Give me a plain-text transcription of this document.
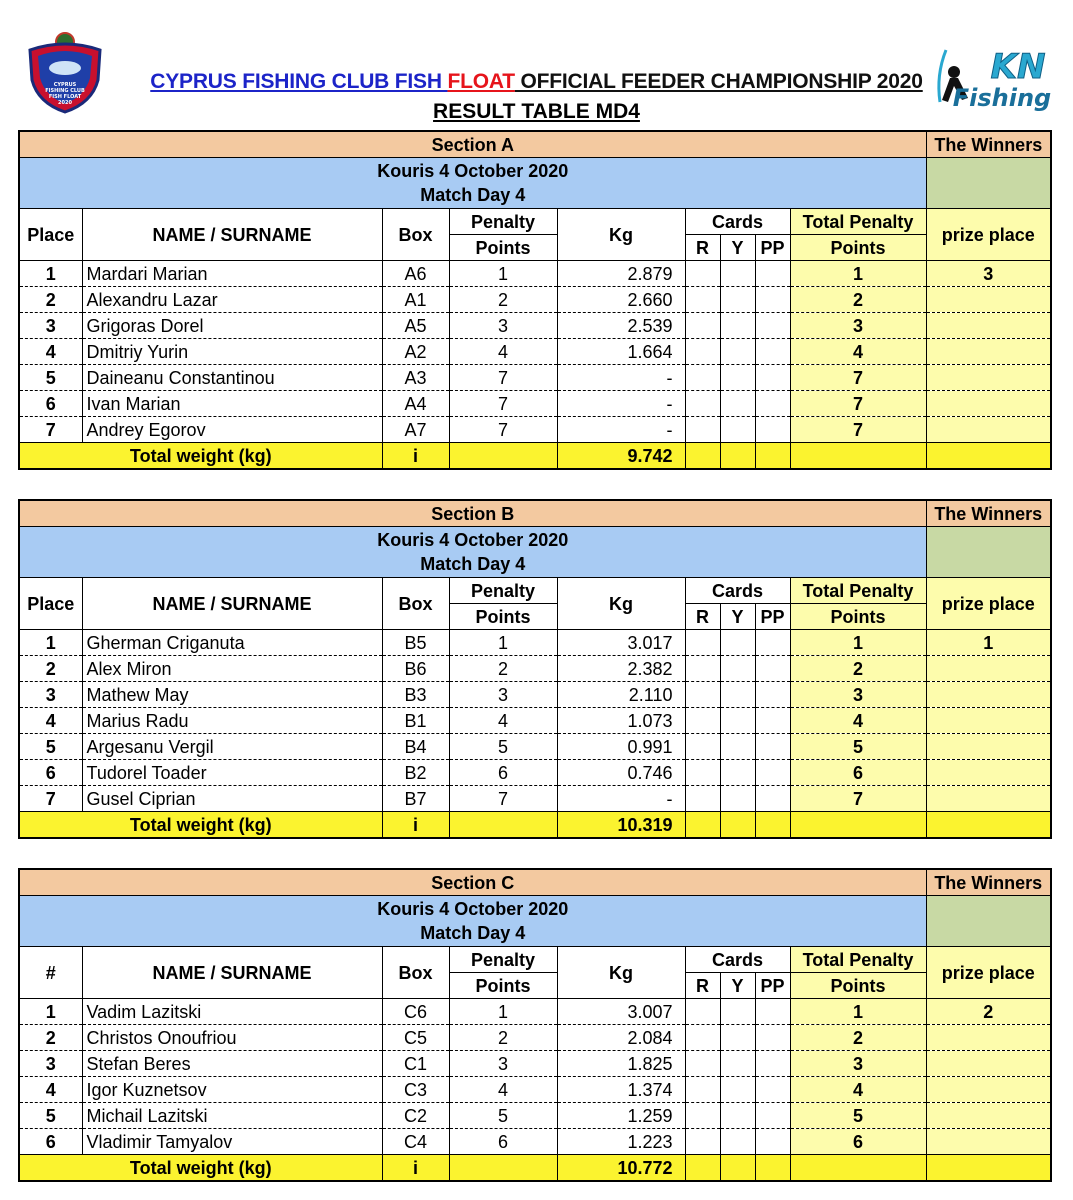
CYPRUS
FISHING CLUB
FISH FLOAT
2020
CYPRUS FISHING CLUB FISH FLOAT OFFICIAL FEEDER CHAMPIONSHIP 2020
RESULT TABLE MD4
KN
Fishing
Section A									The Winners

Kouris 4 October 2020
Match Day 4									

Place	NAME / SURNAME	Box	Penalty	Kg	Cards			Total Penalty	prize place
			Points		R	Y	PP	Points	
1	Mardari Marian	A6	1	2.879				1	3
2	Alexandru Lazar	A1	2	2.660				2	
3	Grigoras Dorel	A5	3	2.539				3	
4	Dmitriy Yurin	A2	4	1.664				4	
5	Daineanu Constantinou	A3	7	-				7	
6	Ivan Marian	A4	7	-				7	
7	Andrey Egorov	A7	7	-				7	
Total weight (kg)		i		9.742					
Section B									The Winners

Kouris 4 October 2020
Match Day 4									

Place	NAME / SURNAME	Box	Penalty	Kg	Cards			Total Penalty	prize place
			Points		R	Y	PP	Points	
1	Gherman Criganuta	B5	1	3.017				1	1
2	Alex Miron	B6	2	2.382				2	
3	Mathew May	B3	3	2.110				3	
4	Marius Radu	B1	4	1.073				4	
5	Argesanu Vergil	B4	5	0.991				5	
6	Tudorel Toader	B2	6	0.746				6	
7	Gusel Ciprian	B7	7	-				7	
Total weight (kg)		i		10.319					
Section C									The Winners

Kouris 4 October 2020
Match Day 4									

#	NAME / SURNAME	Box	Penalty	Kg	Cards			Total Penalty	prize place
			Points		R	Y	PP	Points	
1	Vadim Lazitski	C6	1	3.007				1	2
2	Christos Onoufriou	C5	2	2.084				2	
3	Stefan Beres	C1	3	1.825				3	
4	Igor Kuznetsov	C3	4	1.374				4	
5	Michail Lazitski	C2	5	1.259				5	
6	Vladimir Tamyalov	C4	6	1.223				6	
Total weight (kg)		i		10.772					
